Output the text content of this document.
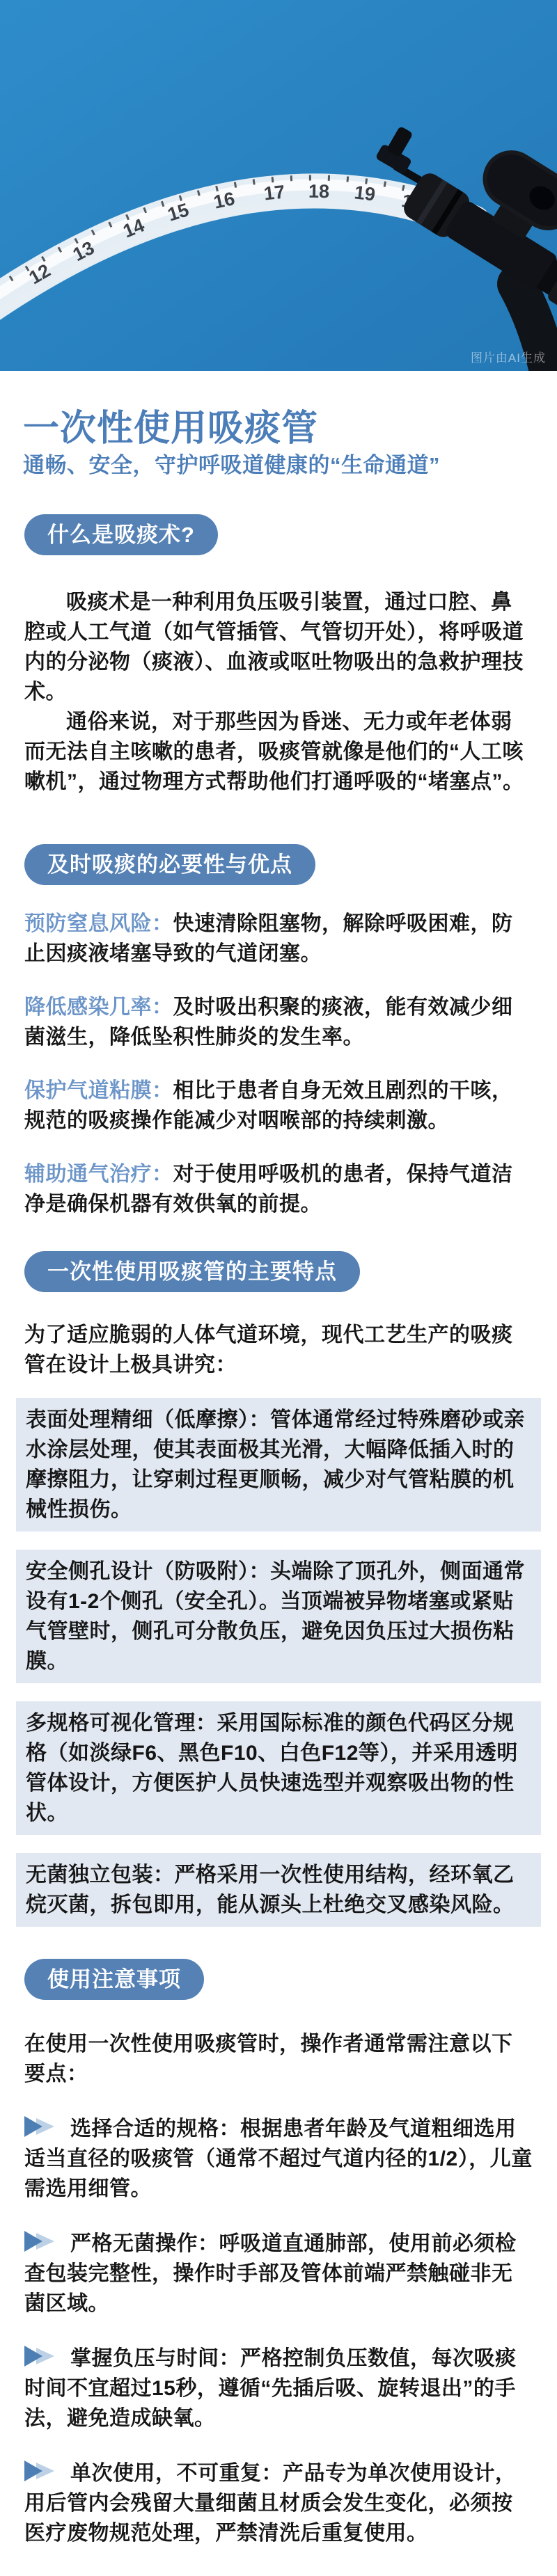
12
13
14
15 16 17 18 19
图片由AI生成
一次性使用吸痰管
通畅、安全，守护呼吸道健康的“生命通道”
什么是吸痰术?

吸痰术是一种利用负压吸引装置，通过口腔、鼻腔或人工气道（如气管插管、气管切开处），将呼吸道内的分泌物（痰液）、血液或呕吐物吸出的急救护理技术。

通俗来说，对于那些因为昏迷、无力或年老体弱而无法自主咳嗽的患者，吸痰管就像是他们的“人工咳嗽机”，通过物理方式帮助他们打通呼吸的“堵塞点”。

及时吸痰的必要性与优点

预防窒息风险：快速清除阻塞物，解除呼吸困难，防止因痰液堵塞导致的气道闭塞。

降低感染几率：及时吸出积聚的痰液，能有效减少细菌滋生，降低坠积性肺炎的发生率。

保护气道粘膜：相比于患者自身无效且剧烈的干咳，规范的吸痰操作能减少对咽喉部的持续刺激。

辅助通气治疗：对于使用呼吸机的患者，保持气道洁净是确保机器有效供氧的前提。

一次性使用吸痰管的主要特点

为了适应脆弱的人体气道环境，现代工艺生产的吸痰管在设计上极具讲究：

表面处理精细（低摩擦）：管体通常经过特殊磨砂或亲水涂层处理，使其表面极其光滑，大幅降低插入时的摩擦阻力，让穿刺过程更顺畅，减少对气管粘膜的机械性损伤。
安全侧孔设计（防吸附）：头端除了顶孔外，侧面通常设有1-2个侧孔（安全孔）。当顶端被异物堵塞或紧贴气管壁时，侧孔可分散负压，避免因负压过大损伤粘膜。
多规格可视化管理：采用国际标准的颜色代码区分规格（如淡绿F6、黑色F10、白色F12等），并采用透明管体设计，方便医护人员快速选型并观察吸出物的性状。
无菌独立包装：严格采用一次性使用结构，经环氧乙烷灭菌，拆包即用，能从源头上杜绝交叉感染风险。
使用注意事项

在使用一次性使用吸痰管时，操作者通常需注意以下要点：

选择合适的规格：根据患者年龄及气道粗细选用适当直径的吸痰管（通常不超过气道内径的1/2），儿童需选用细管。

严格无菌操作：呼吸道直通肺部，使用前必须检查包装完整性，操作时手部及管体前端严禁触碰非无菌区域。

掌握负压与时间：严格控制负压数值，每次吸痰时间不宜超过15秒，遵循“先插后吸、旋转退出”的手法，避免造成缺氧。

单次使用，不可重复：产品专为单次使用设计，用后管内会残留大量细菌且材质会发生变化，必须按医疗废物规范处理，严禁清洗后重复使用。
